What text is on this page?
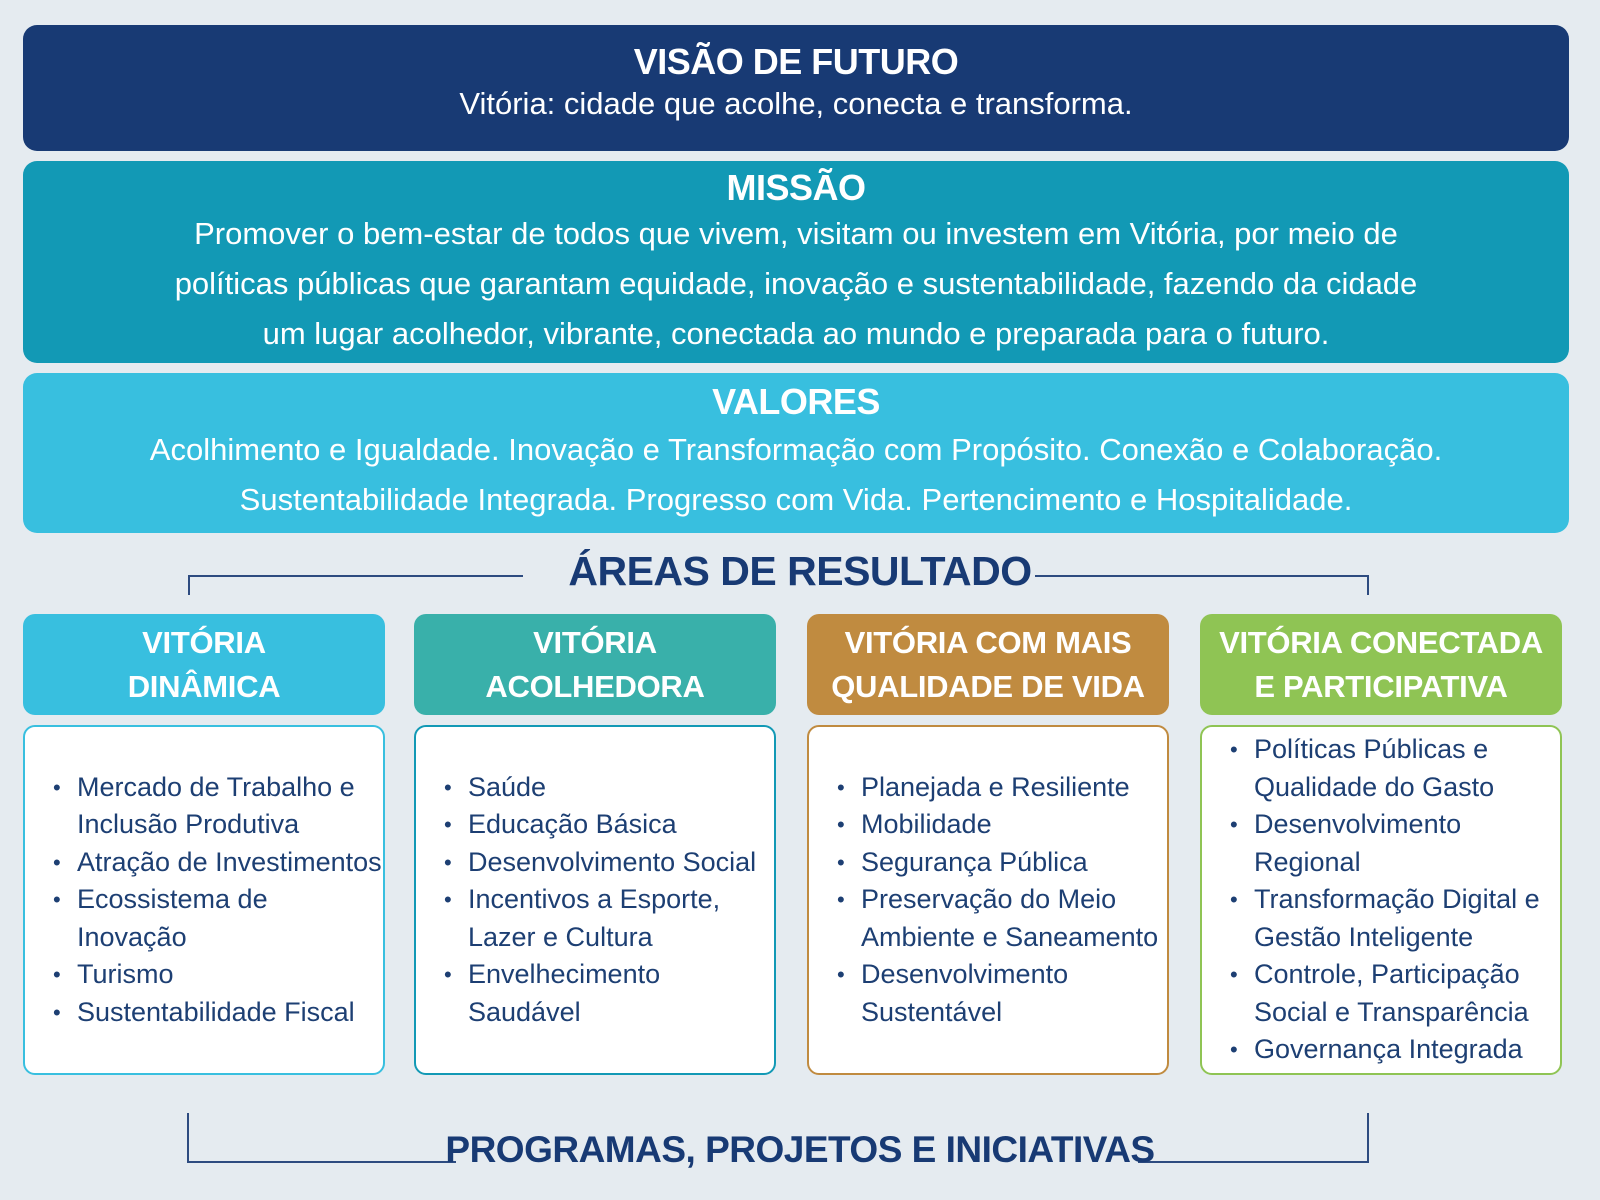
VISÃO DE FUTURO

Vitória: cidade que acolhe, conecta e transforma.

MISSÃO

Promover o bem-estar de todos que vivem, visitam ou investem em Vitória, por meio de

políticas públicas que garantam equidade, inovação e sustentabilidade, fazendo da cidade

um lugar acolhedor, vibrante, conectada ao mundo e preparada para o futuro.

VALORES

Acolhimento e Igualdade. Inovação e Transformação com Propósito. Conexão e Colaboração.

Sustentabilidade Integrada. Progresso com Vida. Pertencimento e Hospitalidade.

ÁREAS DE RESULTADO
VITÓRIA
DINÂMICA
• Mercado de Trabalho e Inclusão Produtiva
• Atração de Investimentos
• Ecossistema de Inovação
• Turismo
• Sustentabilidade Fiscal
VITÓRIA
ACOLHEDORA
• Saúde
• Educação Básica
• Desenvolvimento Social
• Incentivos a Esporte, Lazer e Cultura
• Envelhecimento Saudável
VITÓRIA COM MAIS
QUALIDADE DE VIDA
• Planejada e Resiliente
• Mobilidade
• Segurança Pública
• Preservação do Meio Ambiente e Saneamento
• Desenvolvimento Sustentável
VITÓRIA CONECTADA
E PARTICIPATIVA
• Políticas Públicas e Qualidade do Gasto
• Desenvolvimento Regional
• Transformação Digital e Gestão Inteligente
• Controle, Participação Social e Transparência
• Governança Integrada
PROGRAMAS, PROJETOS E INICIATIVAS
